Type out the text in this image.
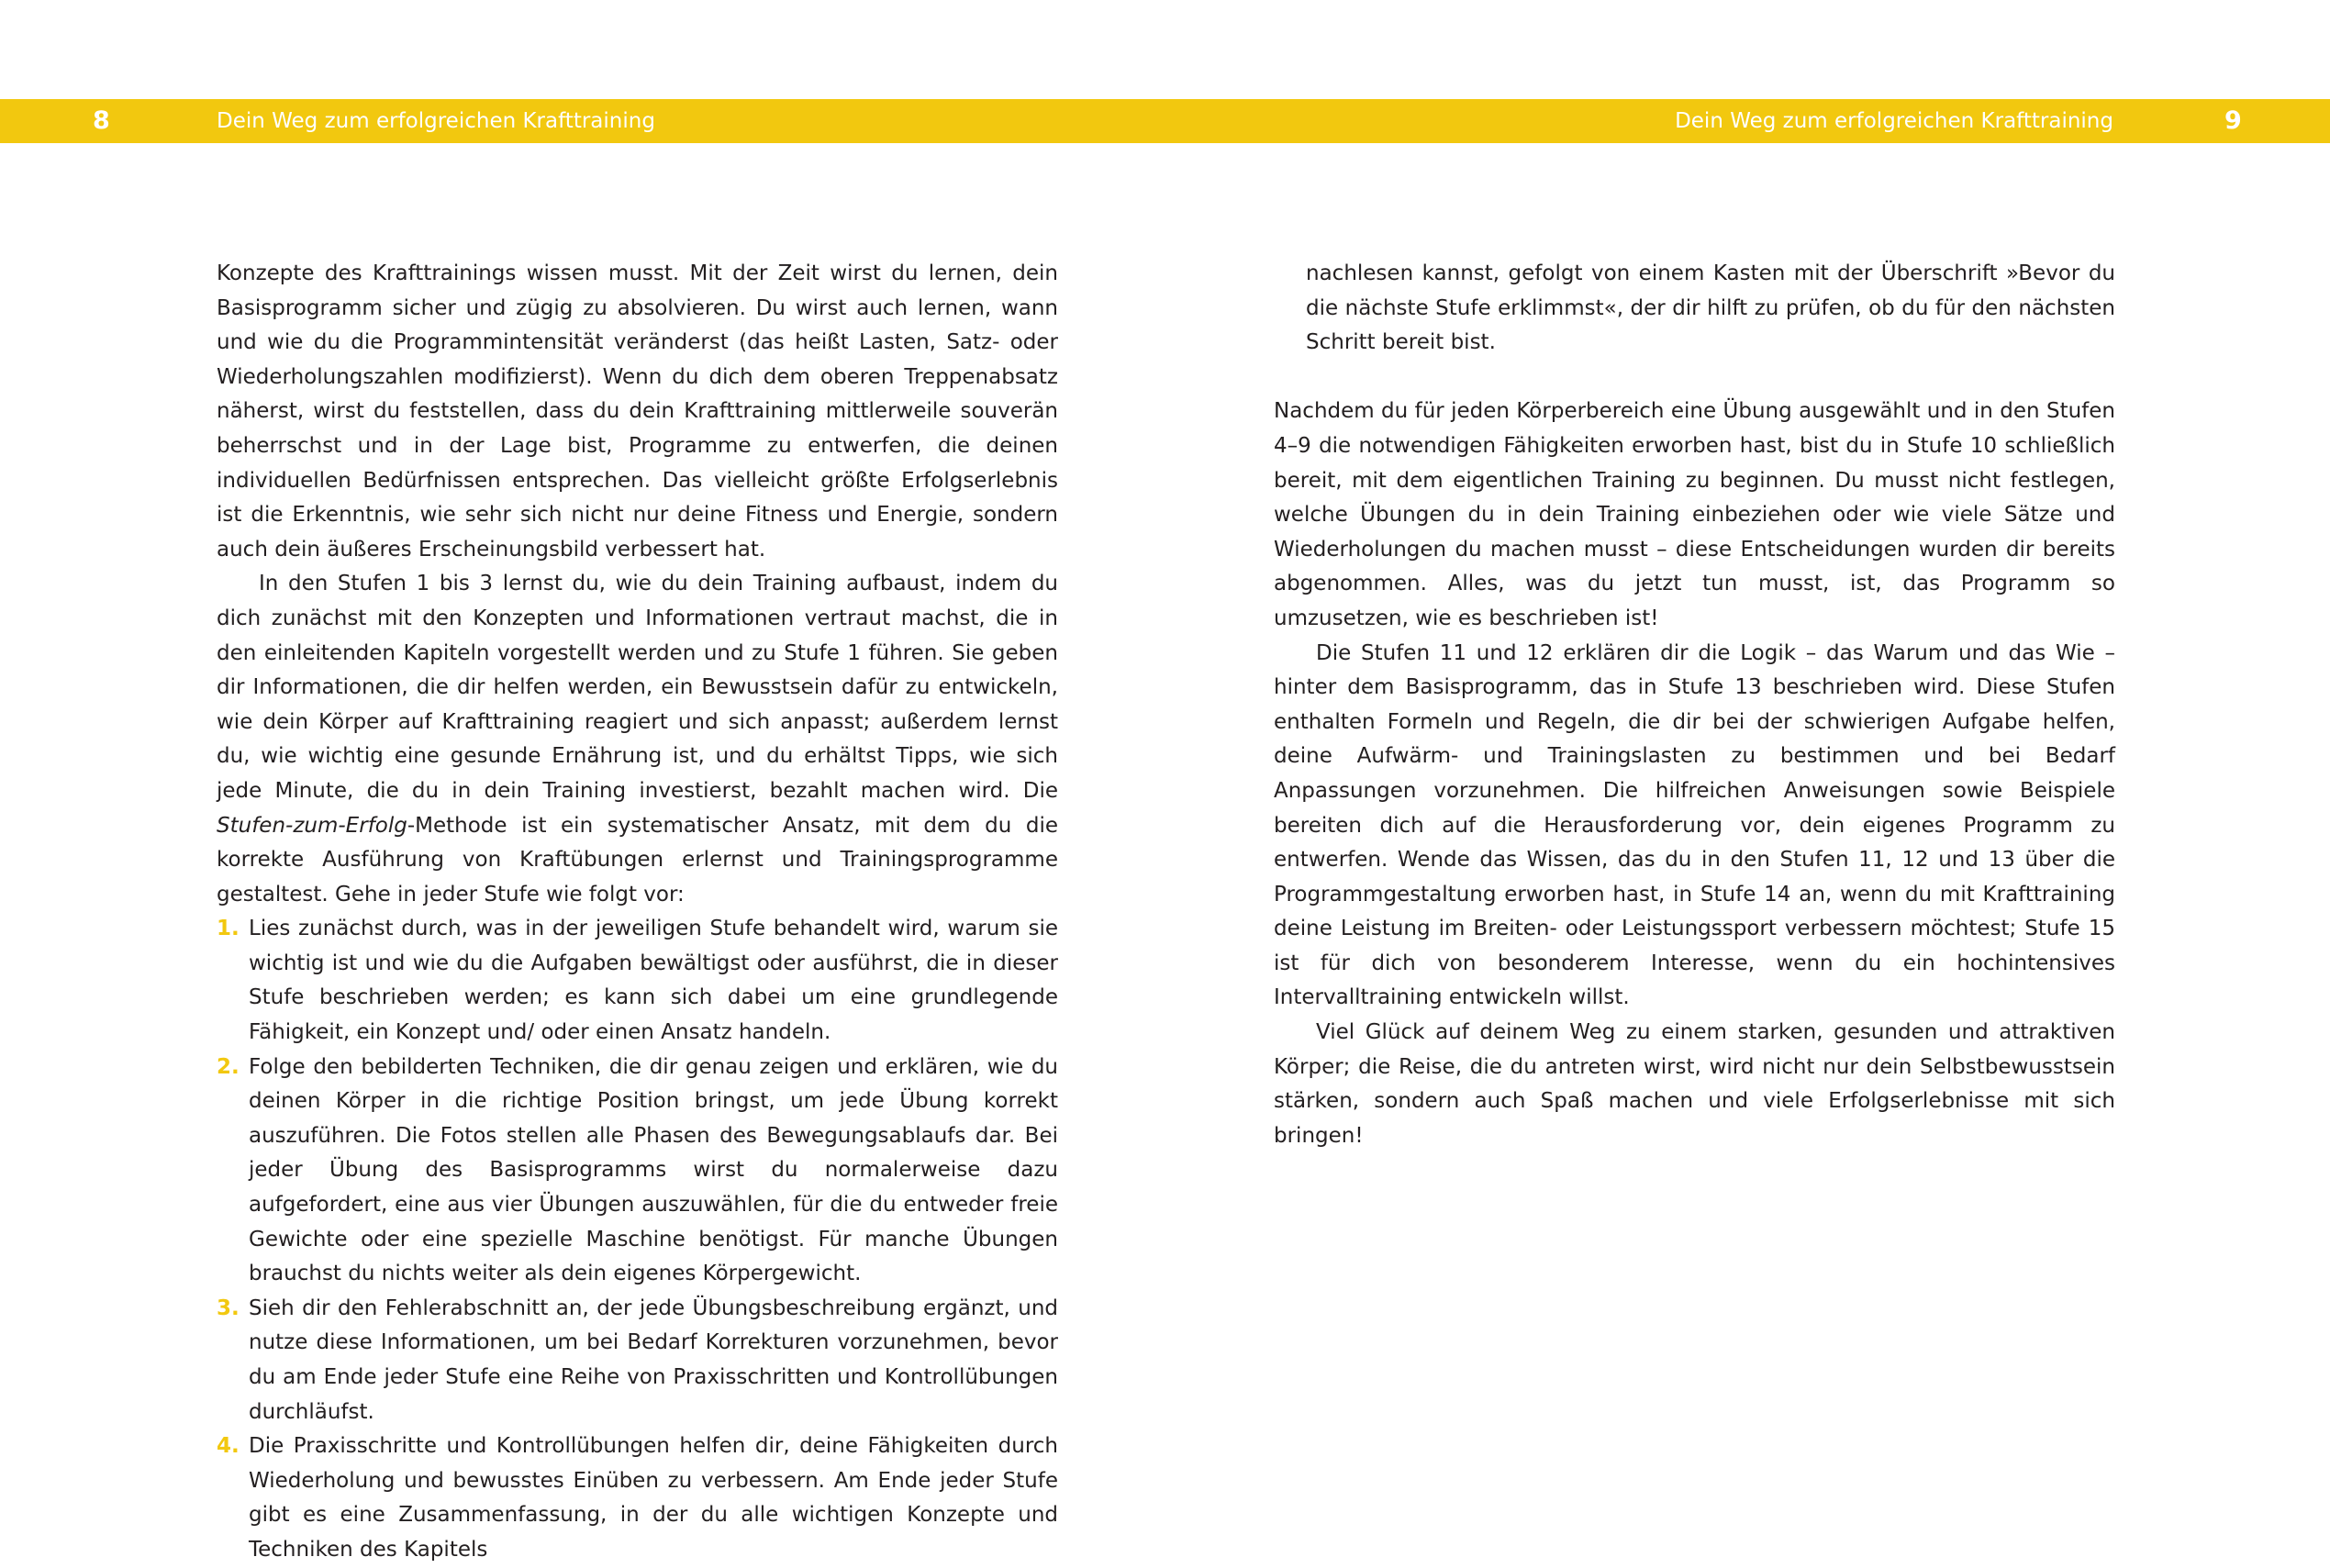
8	Dein Weg zum erfolgreichen Krafttraining	Dein Weg zum erfolgreichen Krafttraining	9

Konzepte des Krafttrainings wissen musst. Mit der Zeit wirst du lernen, dein Basisprogramm sicher und zügig zu absolvieren. Du wirst auch lernen, wann und wie du die Programmintensität veränderst (das heißt Lasten, Satz- oder Wiederholungszahlen modifizierst). Wenn du dich dem oberen Treppenabsatz näherst, wirst du feststellen, dass du dein Krafttraining mittlerweile souverän beherrschst und in der Lage bist, Programme zu entwerfen, die deinen individuellen Bedürfnissen entsprechen. Das vielleicht größte Erfolgserlebnis ist die Erkenntnis, wie sehr sich nicht nur deine Fitness und Energie, sondern auch dein äußeres Erscheinungsbild verbessert hat.

In den Stufen 1 bis 3 lernst du, wie du dein Training aufbaust, indem du dich zunächst mit den Konzepten und Informationen vertraut machst, die in den einleitenden Kapiteln vorgestellt werden und zu Stufe 1 führen. Sie geben dir Informationen, die dir helfen werden, ein Bewusstsein dafür zu entwickeln, wie dein Körper auf Krafttraining reagiert und sich anpasst; außerdem lernst du, wie wichtig eine gesunde Ernährung ist, und du erhältst Tipps, wie sich jede Minute, die du in dein Training investierst, bezahlt machen wird. Die Stufen-zum-Erfolg-Methode ist ein systematischer Ansatz, mit dem du die korrekte Ausführung von Kraftübungen erlernst und Trainingsprogramme gestaltest. Gehe in jeder Stufe wie folgt vor:

1. Lies zunächst durch, was in der jeweiligen Stufe behandelt wird, warum sie wichtig ist und wie du die Aufgaben bewältigst oder ausführst, die in dieser Stufe beschrieben werden; es kann sich dabei um eine grundlegende Fähigkeit, ein Konzept und/ oder einen Ansatz handeln.
2. Folge den bebilderten Techniken, die dir genau zeigen und erklären, wie du deinen Körper in die richtige Position bringst, um jede Übung korrekt auszuführen. Die Fotos stellen alle Phasen des Bewegungsablaufs dar. Bei jeder Übung des Basisprogramms wirst du normalerweise dazu aufgefordert, eine aus vier Übungen auszuwählen, für die du entweder freie Gewichte oder eine spezielle Maschine benötigst. Für manche Übungen brauchst du nichts weiter als dein eigenes Körpergewicht.
3. Sieh dir den Fehlerabschnitt an, der jede Übungsbeschreibung ergänzt, und nutze diese Informationen, um bei Bedarf Korrekturen vorzunehmen, bevor du am Ende jeder Stufe eine Reihe von Praxisschritten und Kontrollübungen durchläufst.
4. Die Praxisschritte und Kontrollübungen helfen dir, deine Fähigkeiten durch Wiederholung und bewusstes Einüben zu verbessern. Am Ende jeder Stufe gibt es eine Zusammenfassung, in der du alle wichtigen Konzepte und Techniken des Kapitels

nachlesen kannst, gefolgt von einem Kasten mit der Überschrift »Bevor du die nächste Stufe erklimmst«, der dir hilft zu prüfen, ob du für den nächsten Schritt bereit bist.

Nachdem du für jeden Körperbereich eine Übung ausgewählt und in den Stufen 4–9 die notwendigen Fähigkeiten erworben hast, bist du in Stufe 10 schließlich bereit, mit dem eigentlichen Training zu beginnen. Du musst nicht festlegen, welche Übungen du in dein Training einbeziehen oder wie viele Sätze und Wiederholungen du machen musst – diese Entscheidungen wurden dir bereits abgenommen. Alles, was du jetzt tun musst, ist, das Programm so umzusetzen, wie es beschrieben ist!

Die Stufen 11 und 12 erklären dir die Logik – das Warum und das Wie – hinter dem Basisprogramm, das in Stufe 13 beschrieben wird. Diese Stufen enthalten Formeln und Regeln, die dir bei der schwierigen Aufgabe helfen, deine Aufwärm- und Trainingslasten zu bestimmen und bei Bedarf Anpassungen vorzunehmen. Die hilfreichen Anweisungen sowie Beispiele bereiten dich auf die Herausforderung vor, dein eigenes Programm zu entwerfen. Wende das Wissen, das du in den Stufen 11, 12 und 13 über die Programmgestaltung erworben hast, in Stufe 14 an, wenn du mit Krafttraining deine Leistung im Breiten- oder Leistungssport verbessern möchtest; Stufe 15 ist für dich von besonderem Interesse, wenn du ein hochintensives Intervalltraining entwickeln willst.

Viel Glück auf deinem Weg zu einem starken, gesunden und attraktiven Körper; die Reise, die du antreten wirst, wird nicht nur dein Selbstbewusstsein stärken, sondern auch Spaß machen und viele Erfolgserlebnisse mit sich bringen!
